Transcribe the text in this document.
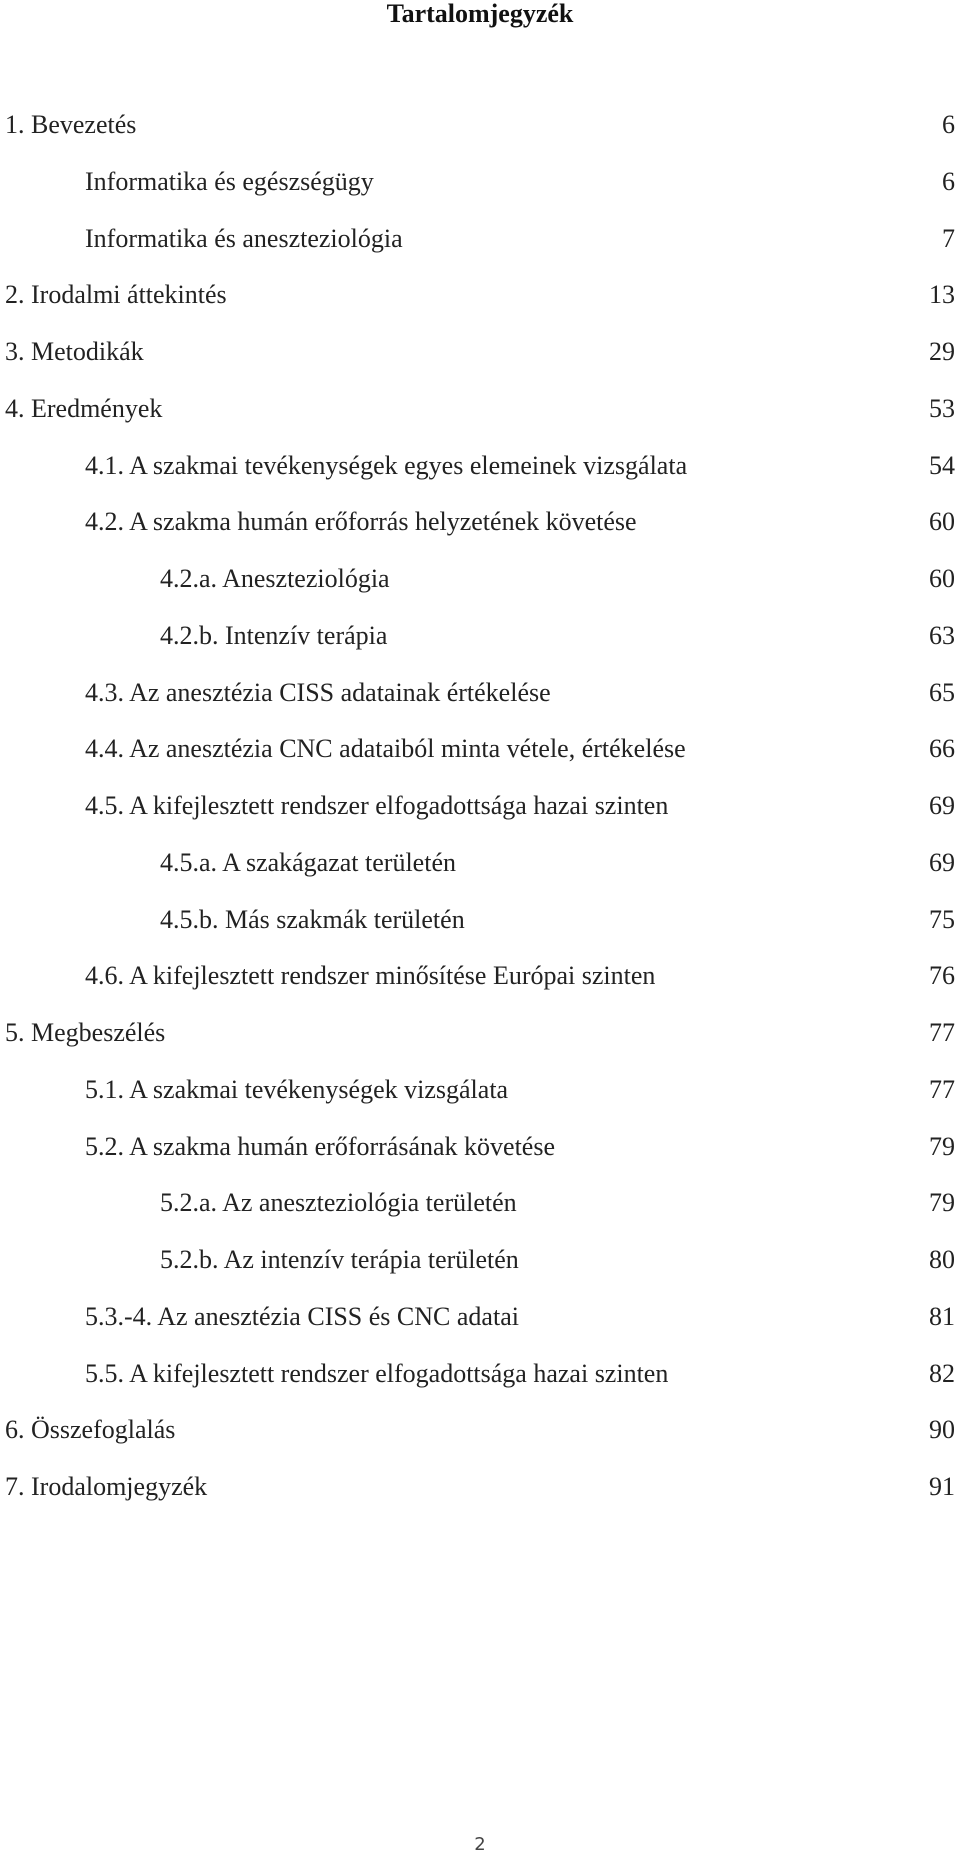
Tartalomjegyzék
1. Bevezetés	6
Informatika és egészségügy	6
Informatika és aneszteziológia	7
2. Irodalmi áttekintés	13
3. Metodikák	29
4. Eredmények	53
4.1. A szakmai tevékenységek egyes elemeinek vizsgálata	54
4.2. A szakma humán erőforrás helyzetének követése	60
4.2.a. Aneszteziológia	60
4.2.b. Intenzív terápia	63
4.3. Az anesztézia CISS adatainak értékelése	65
4.4. Az anesztézia CNC adataiból minta vétele, értékelése	66
4.5. A kifejlesztett rendszer elfogadottsága hazai szinten	69
4.5.a. A szakágazat területén	69
4.5.b. Más szakmák területén	75
4.6. A kifejlesztett rendszer minősítése Európai szinten	76
5. Megbeszélés	77
5.1. A szakmai tevékenységek vizsgálata	77
5.2. A szakma humán erőforrásának követése	79
5.2.a. Az aneszteziológia területén	79
5.2.b. Az intenzív terápia területén	80
5.3.-4. Az anesztézia CISS és CNC adatai	81
5.5. A kifejlesztett rendszer elfogadottsága hazai szinten	82
6. Összefoglalás	90
7. Irodalomjegyzék	91
2
